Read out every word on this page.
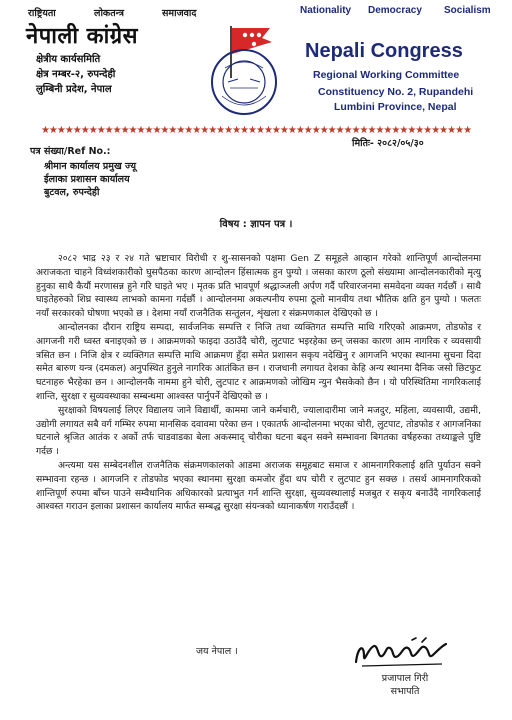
राष्ट्रियता	लोकतन्त्र	समाजवाद
नेपाली कांग्रेस
क्षेत्रीय कार्यसमिति
क्षेत्र नम्बर-२, रुपन्देही
लुम्बिनी प्रदेश, नेपाल
Nationality Democracy Socialism
Nepali Congress
Regional Working Committee
Constituency No. 2, Rupandehi
Lumbini Province, Nepal
★★★★★★★★★★★★★★★★★★★★★★★★★★★★★★★★★★★★★★★★★★★★★★★★★★★★★★
पत्र संख्या/Ref No.:
मितिः- २०८२/०५/३०
श्रीमान कार्यालय प्रमुख ज्यू
ईलाका प्रशासन कार्यालय
बुटवल, रुपन्देही
विषय : ज्ञापन पत्र ।

२०८२ भाद्र २३ र २४ गते भ्रष्टाचार विरोधी र शु-सासनको पक्षमा Gen Z समूहले आव्हान गरेको शान्तिपूर्ण आन्दोलनमा अराजकता चाहने विध्वंशकारीको घुसपैठका कारण आन्दोलन हिंसात्मक हुन पुग्यो । जसका कारण ठूलो संख्यामा आन्दोलनकारीको मृत्यु हुनुका साथै कैयौं मरणासन्न हुने गरि घाइते भए । मृतक प्रति भावपूर्ण श्रद्धाञ्जली अर्पण गर्दै परिवारजनमा समवेदना व्यक्त गर्दछौं । साथै घाइतेहरुको शिघ्र स्वास्थ्य लाभको कामना गर्दछौं । आन्दोलनमा अकल्पनीय रुपमा ठूलो मानवीय तथा भौतिक क्षति हुन पुग्यो । फलतः नयाँ सरकारको घोषणा भएको छ । देशमा नयाँ राजनैतिक सन्तुलन, शृंखला र संक्रमणकाल देखिएको छ ।

आन्दोलनका दौरान राष्ट्रिय सम्पदा, सार्वजनिक सम्पत्ति र निजि तथा व्यक्तिगत सम्पत्ति माथि गरिएको आक्रमण, तोडफोड र आगजनी गरी ध्वस्त बनाइएको छ । आक्रमणको फाइदा उठाउँदै चोरी, लुटपाट भइरहेका छन् जसका कारण आम नागरिक र व्यवसायी त्रसित छन । निजि क्षेत्र र व्यक्तिगत सम्पत्ति माथि आक्रमण हुँदा समेत प्रशासन सकृय नदेखिनु र आगजनि भएका स्थानमा सुचना दिदा समेत बारुण यन्त्र (दमकल) अनुपस्थित हुनुले नागरिक आतंकित छन । राजधानी लगायत देशका केहि अन्य स्थानमा दैनिक जसो छिटफुट घटनाहरु भैरहेका छन । आन्दोलनकै नाममा हुने चोरी, लुटपाट र आक्रमणको जोखिम न्युन भैसकेको छैन । यो परिस्थितिमा नागरिकलाई शान्ति, सुरक्षा र सुव्यवस्थाका सम्बन्धमा आश्वस्त पार्नुपर्ने देखिएको छ ।

सुरक्षाको विषयलाई लिएर विद्यालय जाने विद्यार्थी, काममा जाने कर्मचारी, ज्यालादारीमा जाने मजदुर, महिला, व्यवसायी, उद्यमी, उद्योगी लगायत सबै वर्ग गम्भिर रुपमा मानसिक दवावमा परेका छन । एकातर्फ आन्दोलनमा भएका चोरी, लुटपाट, तोडफोड र आगजनिका घटनाले श्रृजित आतंक र अर्को तर्फ चाडवाडका बेला अकस्माद् चोरीका घटना बढ्न सक्ने सम्भावना बिगतका वर्षहरुका तथ्याङ्कले पुष्टि गर्दछ ।

अन्त्यमा यस सम्बेदनशील राजनैतिक संक्रमणकालको आडमा अराजक समूहबाट समाज र आमनागरिकलाई क्षति पुर्याउन सक्ने सम्भावना रहन्छ । आगजनि र तोडफोड भएका स्थानमा सुरक्षा कमजोर हुँदा थप चोरी र लुटपाट हुन सक्छ । तसर्थ आमनागरिकको शान्तिपूर्ण रुपमा बाँच्न पाउने सम्वैधानिक अधिकारको प्रत्याभुत गर्न शान्ति सुरक्षा, सुव्यवस्थालाई मजबुत र सकृय बनाउँदै नागरिकलाई आश्वस्त गराउन इलाका प्रशासन कार्यालय मार्फत सम्बद्ध सुरक्षा संयन्त्रको ध्यानाकर्षण गराउँदछौं ।

जय नेपाल ।
प्रजापाल गिरी
सभापति
